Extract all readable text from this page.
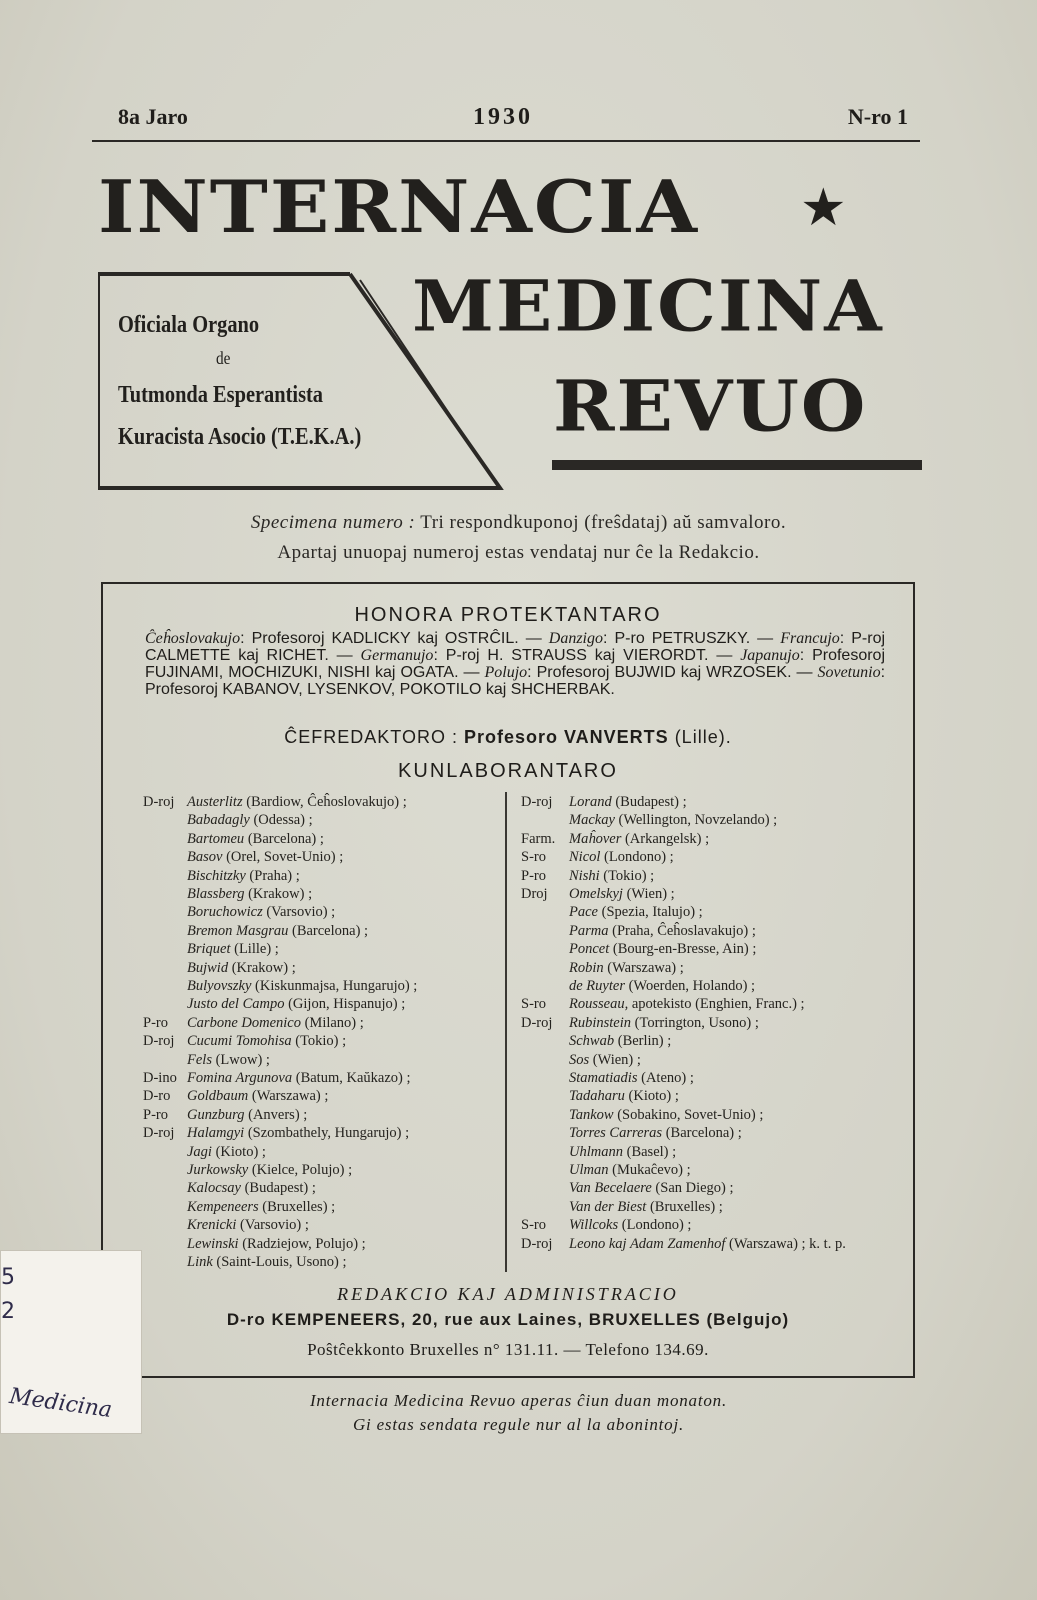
8a Jaro	1930	N-ro 1
INTERNACIA ★
MEDICINA
REVUO
Oficiala Organo
de
Tutmonda Esperantista
Kuracista Asocio (T.E.K.A.)
Specimena numero : Tri respondkuponoj (freŝdataj) aŭ samvaloro.
Apartaj unuopaj numeroj estas vendataj nur ĉe la Redakcio.
HONORA PROTEKTANTARO
Ĉeĥoslovakujo: Profesoroj KADLICKY kaj OSTRĈIL. — Danzigo: P-ro PETRUSZKY. — Francujo: P-roj CALMETTE kaj RICHET. — Germanujo: P-roj H. STRAUSS kaj VIERORDT. — Japanujo: Profesoroj FUJINAMI, MOCHIZUKI, NISHI kaj OGATA. — Polujo: Profesoroj BUJWID kaj WRZOSEK. — Sovetunio: Profesoroj KABANOV, LYSENKOV, POKOTILO kaj SHCHERBAK.
ĈEFREDAKTORO : Profesoro VANVERTS (Lille).
KUNLABORANTARO
D-roj Austerlitz (Bardiow, Ĉeĥoslovakujo) ;
Babadagly (Odessa) ;
Bartomeu (Barcelona) ;
Basov (Orel, Sovet-Unio) ;
Bischitzky (Praha) ;
Blassberg (Krakow) ;
Boruchowicz (Varsovio) ;
Bremon Masgrau (Barcelona) ;
Briquet (Lille) ;
Bujwid (Krakow) ;
Bulyovszky (Kiskunmajsa, Hungarujo) ;
Justo del Campo (Gijon, Hispanujo) ;
P-ro Carbone Domenico (Milano) ;
D-roj Cucumi Tomohisa (Tokio) ;
Fels (Lwow) ;
D-ino Fomina Argunova (Batum, Kaŭkazo) ;
D-ro Goldbaum (Warszawa) ;
P-ro Gunzburg (Anvers) ;
D-roj Halamgyi (Szombathely, Hungarujo) ;
Jagi (Kioto) ;
Jurkowsky (Kielce, Polujo) ;
Kalocsay (Budapest) ;
Kempeneers (Bruxelles) ;
Krenicki (Varsovio) ;
Lewinski (Radziejow, Polujo) ;
Link (Saint-Louis, Usono) ;
D-roj Lorand (Budapest) ;
Mackay (Wellington, Novzelando) ;
Farm. Maĥover (Arkangelsk) ;
S-ro Nicol (Londono) ;
P-ro Nishi (Tokio) ;
Droj Omelskyj (Wien) ;
Pace (Spezia, Italujo) ;
Parma (Praha, Ĉeĥoslavakujo) ;
Poncet (Bourg-en-Bresse, Ain) ;
Robin (Warszawa) ;
de Ruyter (Woerden, Holando) ;
S-ro Rousseau, apotekisto (Enghien, Franc.) ;
D-roj Rubinstein (Torrington, Usono) ;
Schwab (Berlin) ;
Sos (Wien) ;
Stamatiadis (Ateno) ;
Tadaharu (Kioto) ;
Tankow (Sobakino, Sovet-Unio) ;
Torres Carreras (Barcelona) ;
Uhlmann (Basel) ;
Ulman (Mukaĉevo) ;
Van Becelaere (San Diego) ;
Van der Biest (Bruxelles) ;
S-ro Willcoks (Londono) ;
D-roj Leono kaj Adam Zamenhof (Warszawa) ; k. t. p.
REDAKCIO KAJ ADMINISTRACIO
D-ro KEMPENEERS, 20, rue aux Laines, BRUXELLES (Belgujo)
Poŝtĉekkonto Bruxelles n° 131.11. — Telefono 134.69.
Internacia Medicina Revuo aperas ĉiun duan monaton.
Gi estas sendata regule nur al la abonintoj.
5
2
Medicina
